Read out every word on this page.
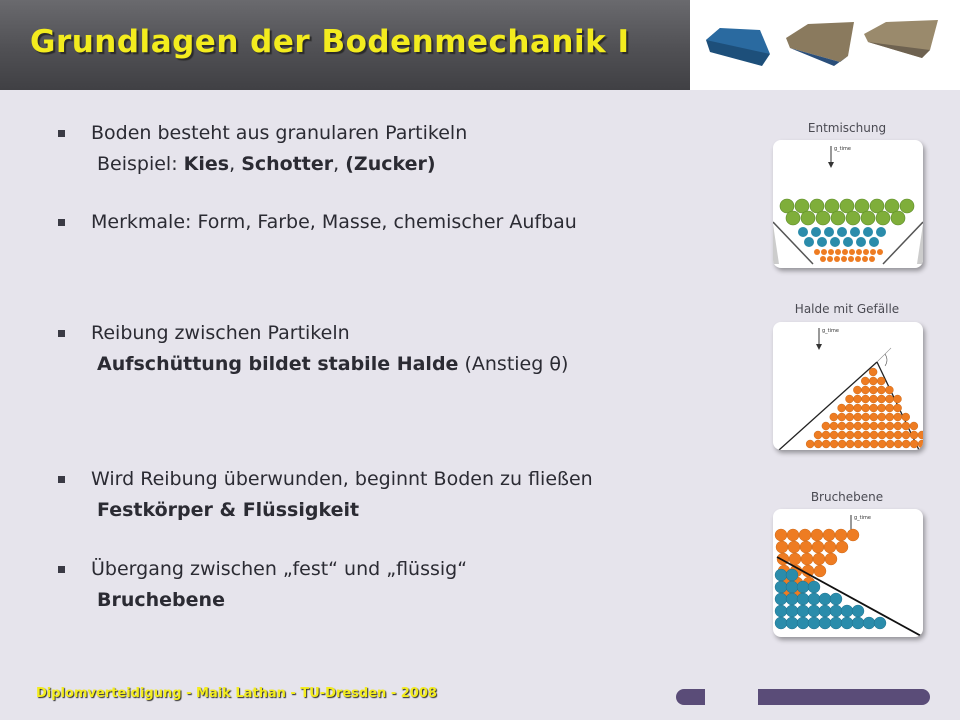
Grundlagen der Bodenmechanik I
Boden besteht aus granularen Partikeln
Beispiel: Kies, Schotter, (Zucker)
Merkmale: Form, Farbe, Masse, chemischer Aufbau
Reibung zwischen Partikeln
Aufschüttung bildet stabile Halde (Anstieg θ)
Wird Reibung überwunden, beginnt Boden zu fließen
Festkörper & Flüssigkeit
Übergang zwischen „fest“ und „flüssig“
Bruchebene
Entmischung
g_time
Halde mit Gefälle
g_time
Bruchebene
g_time
Diplomverteidigung - Maik Lathan - TU-Dresden - 2008
